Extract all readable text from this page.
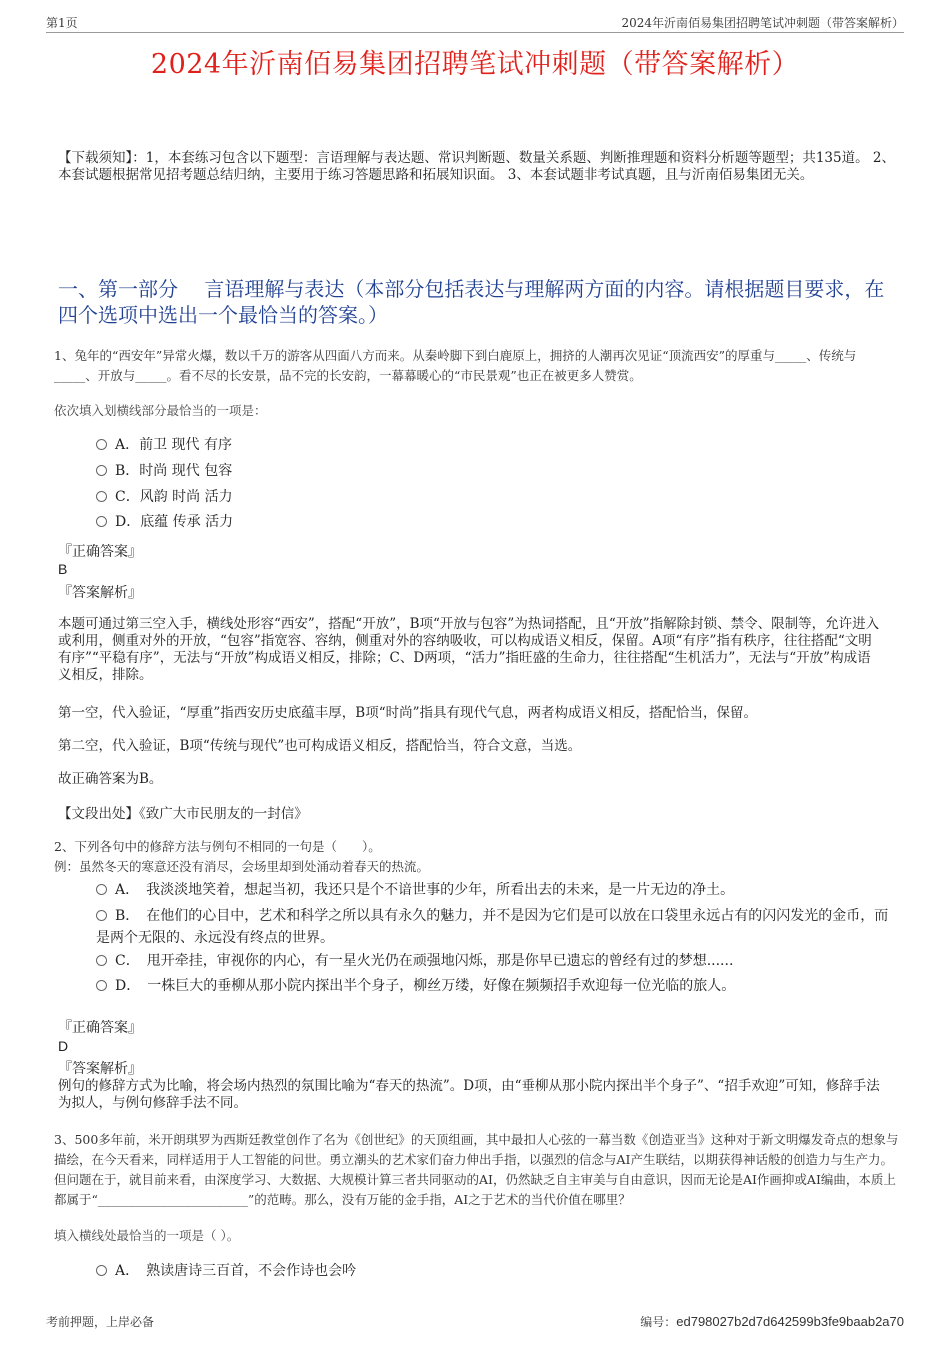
第1页	2024年沂南佰易集团招聘笔试冲刺题（带答案解析）
2024年沂南佰易集团招聘笔试冲刺题（带答案解析）
【下载须知】：1，本套练习包含以下题型：言语理解与表达题、常识判断题、数量关系题、判断推理题和资料分析题等题型；共135道。 2、本套试题根据常见招考题总结归纳，主要用于练习答题思路和拓展知识面。 3、本套试题非考试真题，且与沂南佰易集团无关。
一、第一部分　 言语理解与表达（本部分包括表达与理解两方面的内容。请根据题目要求，在四个选项中选出一个最恰当的答案。）
1、兔年的“西安年”异常火爆，数以千万的游客从四面八方而来。从秦岭脚下到白鹿原上，拥挤的人潮再次见证“顶流西安”的厚重与_____、传统与_____、开放与_____。看不尽的长安景，品不完的长安韵，一幕幕暖心的“市民景观”也正在被更多人赞赏。
依次填入划横线部分最恰当的一项是：
A．前卫 现代 有序
B．时尚 现代 包容
C．风韵 时尚 活力
D．底蕴 传承 活力
『正确答案』
B
『答案解析』
本题可通过第三空入手，横线处形容“西安”，搭配“开放”，B项“开放与包容”为热词搭配，且“开放”指解除封锁、禁令、限制等，允许进入或利用，侧重对外的开放，“包容”指宽容、容纳，侧重对外的容纳吸收，可以构成语义相反，保留。A项“有序”指有秩序，往往搭配“文明有序”“平稳有序”，无法与“开放”构成语义相反，排除；C、D两项，“活力”指旺盛的生命力，往往搭配“生机活力”，无法与“开放”构成语义相反，排除。
第一空，代入验证，“厚重”指西安历史底蕴丰厚，B项“时尚”指具有现代气息，两者构成语义相反，搭配恰当，保留。
第二空，代入验证，B项“传统与现代”也可构成语义相反，搭配恰当，符合文意，当选。
故正确答案为B。
【文段出处】《致广大市民朋友的一封信》
2、下列各句中的修辞方法与例句不相同的一句是（　　）。
例：虽然冬天的寒意还没有消尽，会场里却到处涌动着春天的热流。
A．　我淡淡地笑着，想起当初，我还只是个不谙世事的少年，所看出去的未来，是一片无边的净土。
B．　在他们的心目中，艺术和科学之所以具有永久的魅力，并不是因为它们是可以放在口袋里永远占有的闪闪发光的金币，而是两个无限的、永远没有终点的世界。
C．　甩开牵挂，审视你的内心，有一星火光仍在顽强地闪烁，那是你早已遗忘的曾经有过的梦想......
D．　一株巨大的垂柳从那小院内探出半个身子，柳丝万缕，好像在频频招手欢迎每一位光临的旅人。
『正确答案』
D
『答案解析』
例句的修辞方式为比喻，将会场内热烈的氛围比喻为“春天的热流”。D项，由“垂柳从那小院内探出半个身子”、“招手欢迎”可知，修辞手法为拟人，与例句修辞手法不同。
3、500多年前，米开朗琪罗为西斯廷教堂创作了名为《创世纪》的天顶组画，其中最扣人心弦的一幕当数《创造亚当》这种对于新文明爆发奇点的想象与描绘，在今天看来，同样适用于人工智能的问世。勇立潮头的艺术家们奋力伸出手指，以强烈的信念与AI产生联结，以期获得神话般的创造力与生产力。但问题在于，就目前来看，由深度学习、大数据、大规模计算三者共同驱动的AI，仍然缺乏自主审美与自由意识，因而无论是AI作画抑或AI编曲，本质上都属于“________________________”的范畴。那么，没有万能的金手指，AI之于艺术的当代价值在哪里？
填入横线处最恰当的一项是（ ）。
A．　熟读唐诗三百首，不会作诗也会吟
考前押题，上岸必备	编号：ed798027b2d7d642599b3fe9baab2a70
